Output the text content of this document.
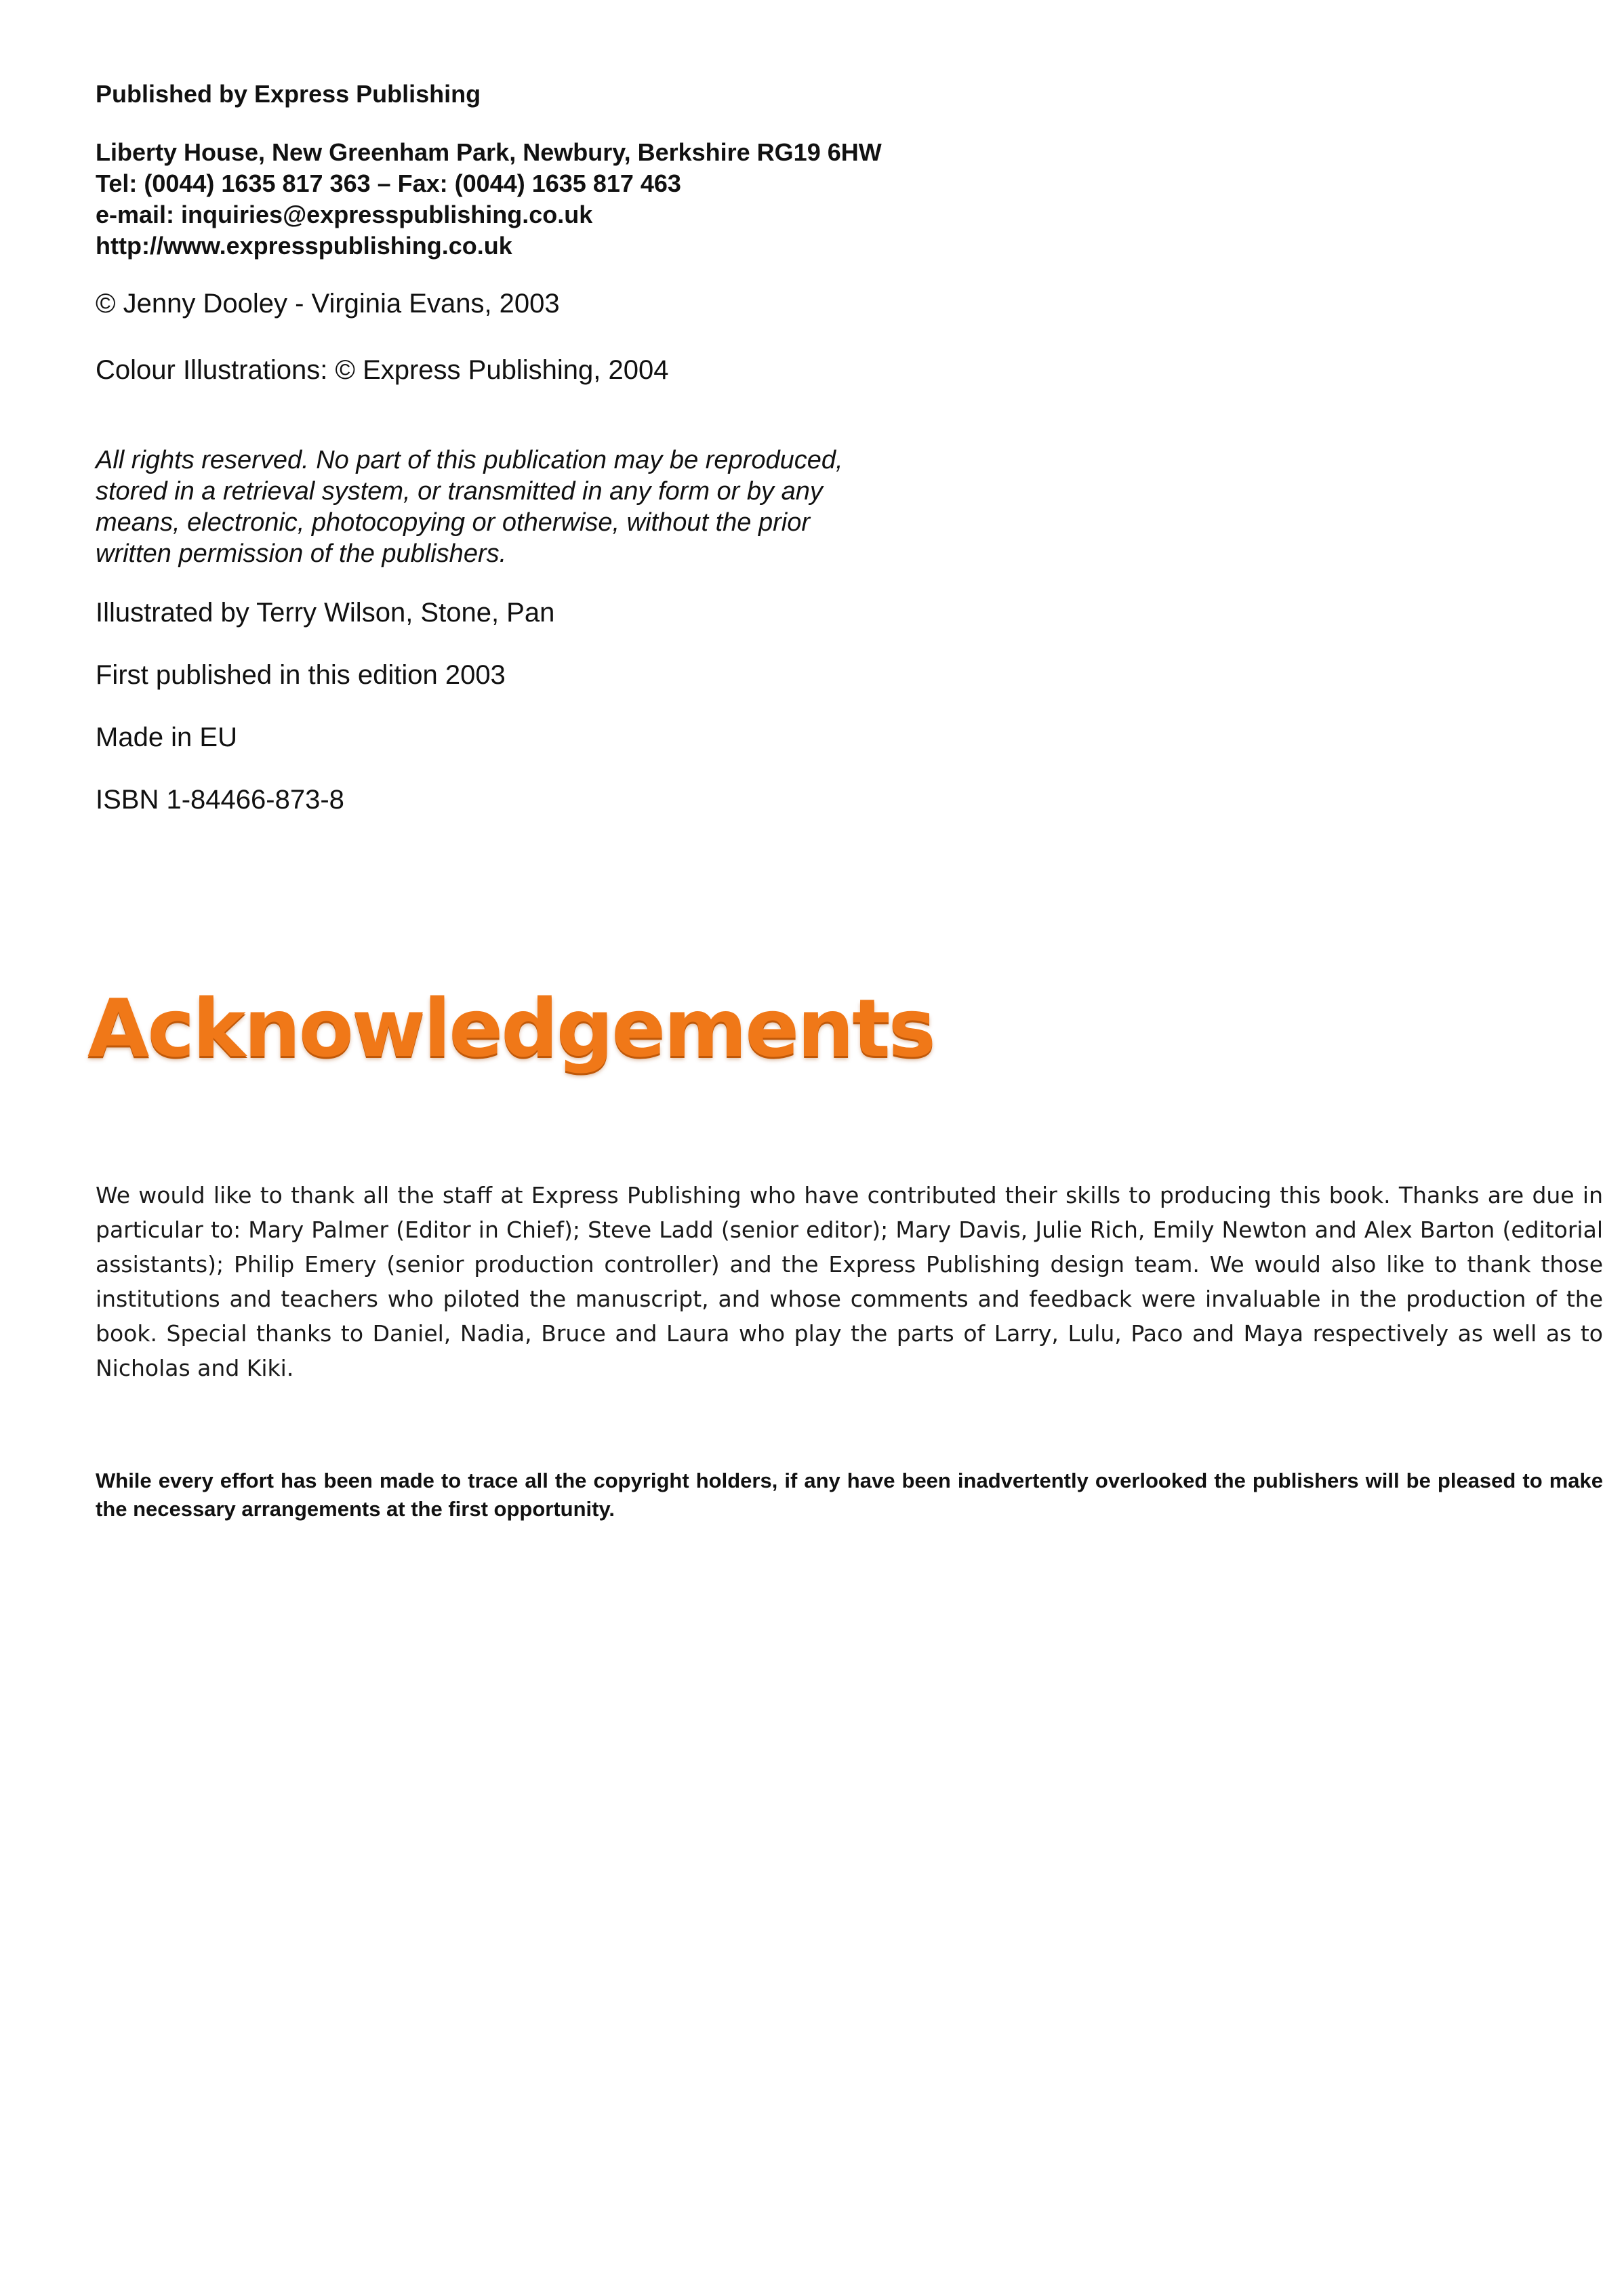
Published by Express Publishing

Liberty House, New Greenham Park, Newbury, Berkshire RG19 6HW

Tel: (0044) 1635 817 363 – Fax: (0044) 1635 817 463

e-mail: inquiries@expresspublishing.co.uk

http://www.expresspublishing.co.uk

© Jenny Dooley - Virginia Evans, 2003

Colour Illustrations: © Express Publishing, 2004

All rights reserved. No part of this publication may be reproduced,

stored in a retrieval system, or transmitted in any form or by any

means, electronic, photocopying or otherwise, without the prior

written permission of the publishers.

Illustrated by Terry Wilson, Stone, Pan

First published in this edition 2003

Made in EU

ISBN 1-84466-873-8

Acknowledgements

We would like to thank all the staff at Express Publishing who have contributed their skills to producing this book. Thanks are due in particular to: Mary Palmer (Editor in Chief); Steve Ladd (senior editor); Mary Davis, Julie Rich, Emily Newton and Alex Barton (editorial assistants); Philip Emery (senior production controller) and the Express Publishing design team. We would also like to thank those institutions and teachers who piloted the manuscript, and whose comments and feedback were invaluable in the production of the book. Special thanks to Daniel, Nadia, Bruce and Laura who play the parts of Larry, Lulu, Paco and Maya respectively as well as to Nicholas and Kiki.

While every effort has been made to trace all the copyright holders, if any have been inadvertently overlooked the publishers will be pleased to make the necessary arrangements at the first opportunity.
